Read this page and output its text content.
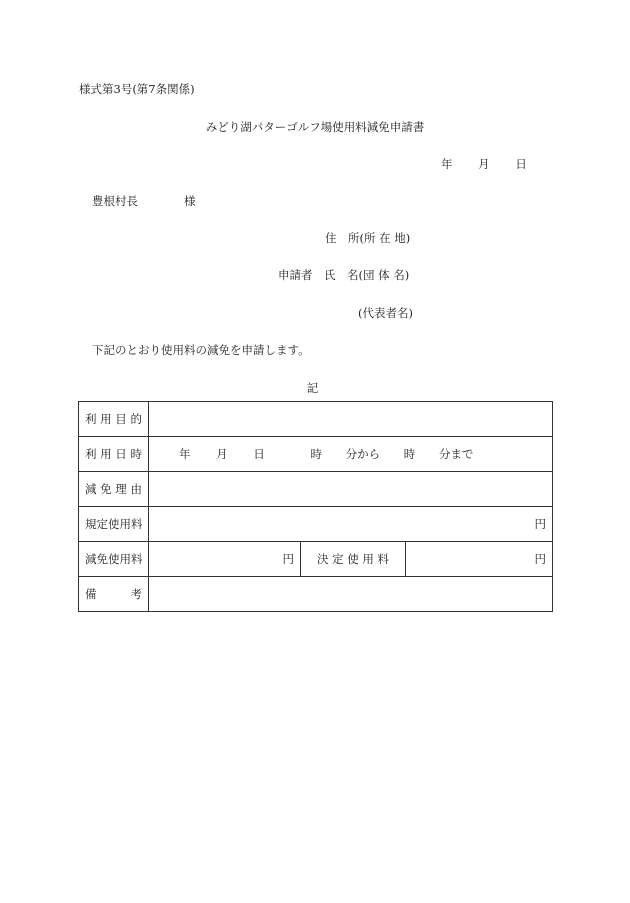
様式第3号(第7条関係)
みどり湖パターゴルフ場使用料減免申請書
年 月 日
豊根村長	様
住　所(所 在 地)
申請者　氏　名(団 体 名)
(代表者名)
下記のとおり使用料の減免を申請します。
記
利 用 目 的			
利 用 日 時	年 月 日 時 分から 時 分まで		
減 免 理 由			
規定使用料	円		
減免使用料	円	決 定 使 用 料	円

備 考			
